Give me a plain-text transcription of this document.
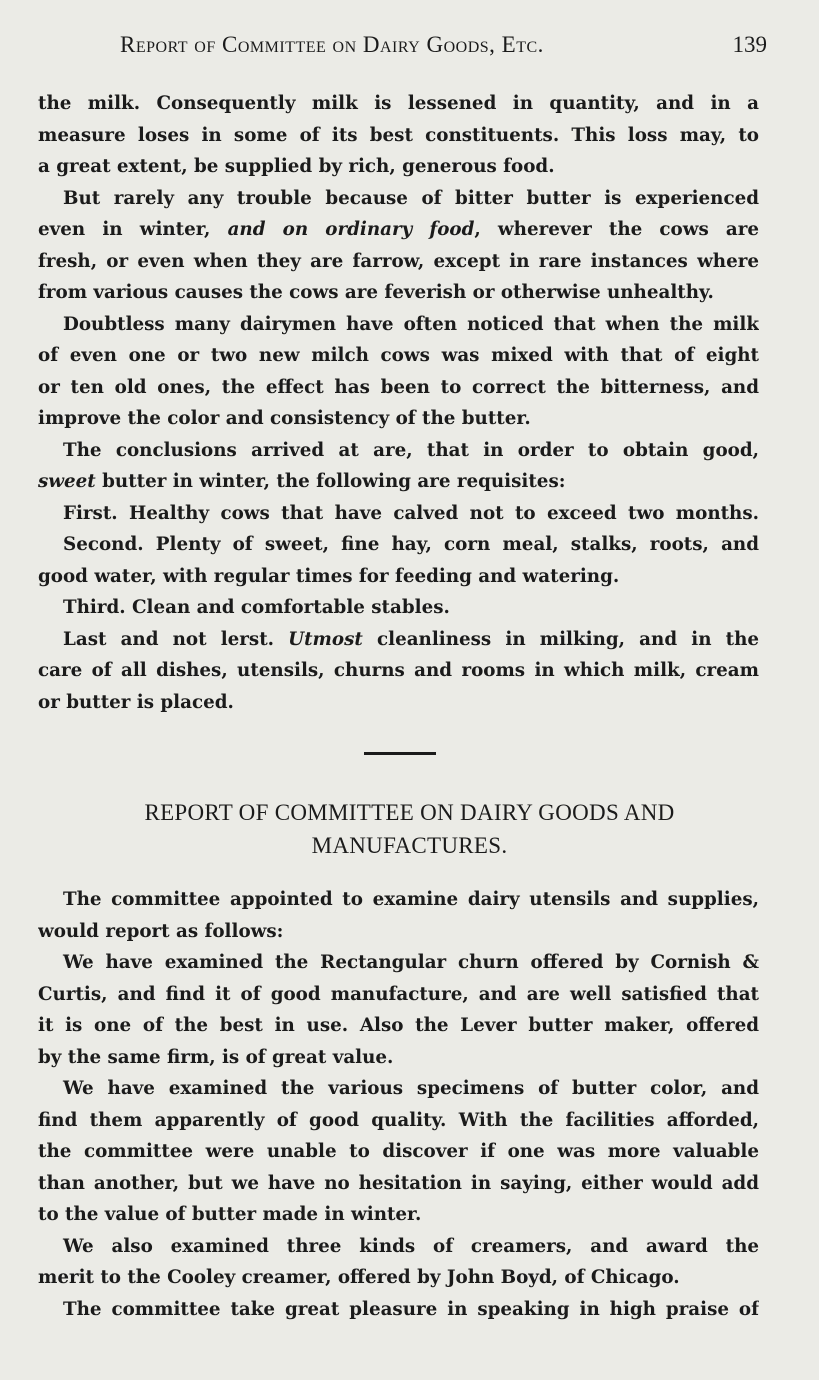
Report of Committee on Dairy Goods, Etc.	139
the milk. Consequently milk is lessened in quantity, and in a
measure loses in some of its best constituents. This loss may, to
a great extent, be supplied by rich, generous food.
But rarely any trouble because of bitter butter is experienced
even in winter, and on ordinary food, wherever the cows are
fresh, or even when they are farrow, except in rare instances where
from various causes the cows are feverish or otherwise unhealthy.
Doubtless many dairymen have often noticed that when the milk
of even one or two new milch cows was mixed with that of eight
or ten old ones, the effect has been to correct the bitterness, and
improve the color and consistency of the butter.
The conclusions arrived at are, that in order to obtain good,
sweet butter in winter, the following are requisites:
First. Healthy cows that have calved not to exceed two months.
Second. Plenty of sweet, fine hay, corn meal, stalks, roots, and
good water, with regular times for feeding and watering.
Third. Clean and comfortable stables.
Last and not lerst. Utmost cleanliness in milking, and in the
care of all dishes, utensils, churns and rooms in which milk, cream
or butter is placed.
REPORT OF COMMITTEE ON DAIRY GOODS AND
MANUFACTURES.
The committee appointed to examine dairy utensils and supplies,
would report as follows:
We have examined the Rectangular churn offered by Cornish &
Curtis, and find it of good manufacture, and are well satisfied that
it is one of the best in use. Also the Lever butter maker, offered
by the same firm, is of great value.
We have examined the various specimens of butter color, and
find them apparently of good quality. With the facilities afforded,
the committee were unable to discover if one was more valuable
than another, but we have no hesitation in saying, either would add
to the value of butter made in winter.
We also examined three kinds of creamers, and award the
merit to the Cooley creamer, offered by John Boyd, of Chicago.
The committee take great pleasure in speaking in high praise of
